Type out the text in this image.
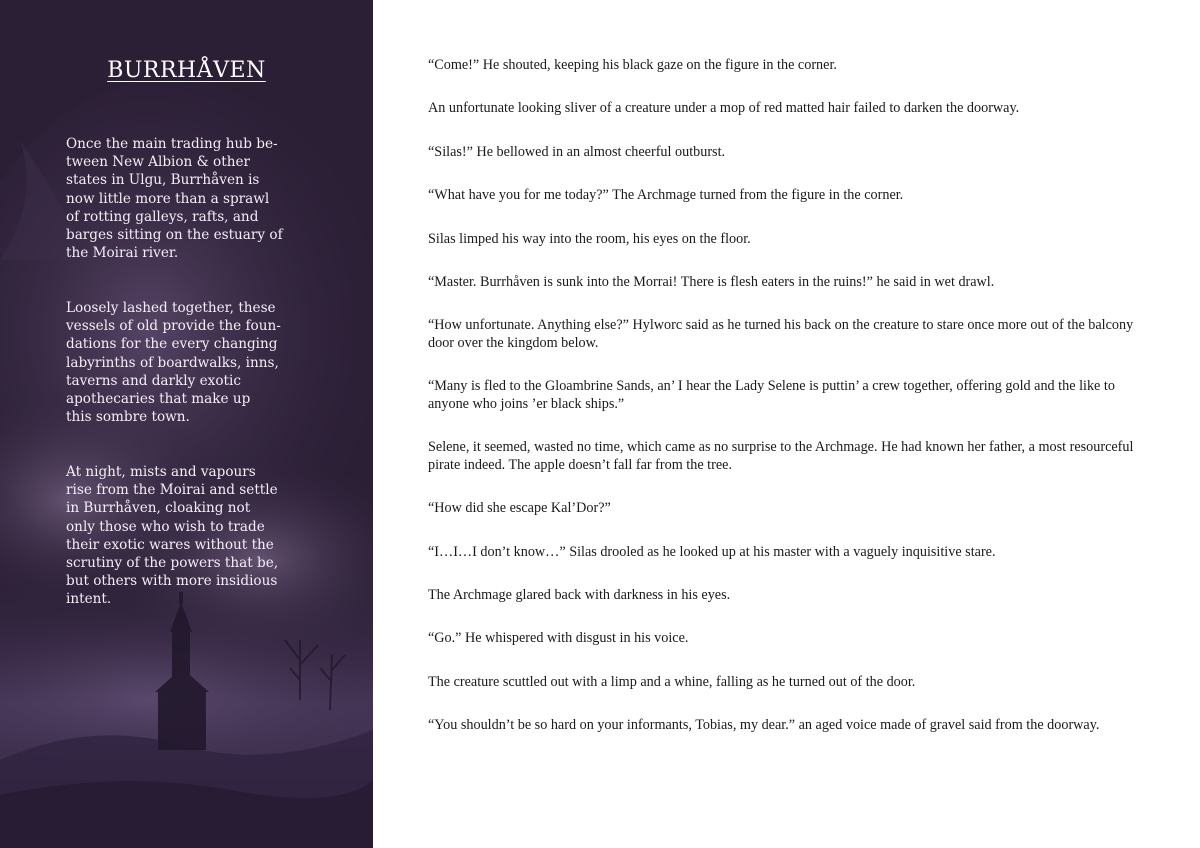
BURRHÅVEN

Once the main trading hub be-
tween New Albion & other
states in Ulgu, Burrhåven is
now little more than a sprawl
of rotting galleys, rafts, and
barges sitting on the estuary of
the Moirai river.

Loosely lashed together, these
vessels of old provide the foun-
dations for the every changing
labyrinths of boardwalks, inns,
taverns and darkly exotic
apothecaries that make up
this sombre town.

At night, mists and vapours
rise from the Moirai and settle
in Burrhåven, cloaking not
only those who wish to trade
their exotic wares without the
scrutiny of the powers that be,
but others with more insidious
intent.

“Come!” He shouted, keeping his black gaze on the figure in the corner.

An unfortunate looking sliver of a creature under a mop of red matted hair failed to darken the doorway.

“Silas!” He bellowed in an almost cheerful outburst.

“What have you for me today?” The Archmage turned from the figure in the corner.

Silas limped his way into the room, his eyes on the floor.

“Master. Burrhåven is sunk into the Morrai! There is flesh eaters in the ruins!” he said in wet drawl.

“How unfortunate. Anything else?” Hylworc said as he turned his back on the creature to stare once more out of the balcony door over the kingdom below.

“Many is fled to the Gloambrine Sands, an’ I hear the Lady Selene is puttin’ a crew together, offering gold and the like to anyone who joins ’er black ships.”

Selene, it seemed, wasted no time, which came as no surprise to the Archmage. He had known her father, a most resourceful pirate indeed. The apple doesn’t fall far from the tree.

“How did she escape Kal’Dor?”

“I…I…I don’t know…” Silas drooled as he looked up at his master with a vaguely inquisitive stare.

The Archmage glared back with darkness in his eyes.

“Go.” He whispered with disgust in his voice.

The creature scuttled out with a limp and a whine, falling as he turned out of the door.

“You shouldn’t be so hard on your informants, Tobias, my dear.” an aged voice made of gravel said from the doorway.
